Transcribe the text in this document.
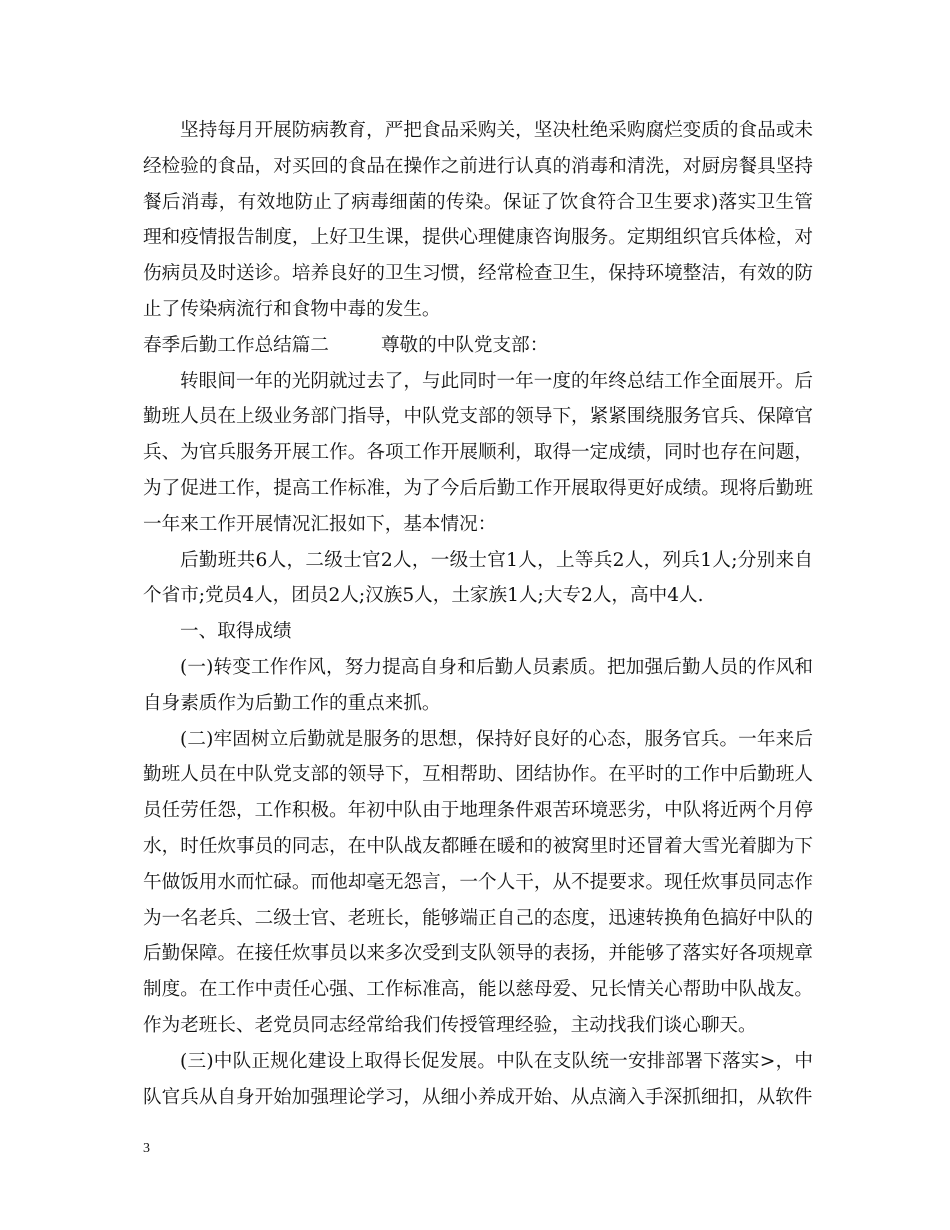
坚持每月开展防病教育，严把食品采购关，坚决杜绝采购腐烂变质的食品或未经检验的食品，对买回的食品在操作之前进行认真的消毒和清洗，对厨房餐具坚持餐后消毒，有效地防止了病毒细菌的传染。保证了饮食符合卫生要求)落实卫生管理和疫情报告制度，上好卫生课，提供心理健康咨询服务。定期组织官兵体检，对伤病员及时送诊。培养良好的卫生习惯，经常检查卫生，保持环境整洁，有效的防止了传染病流行和食物中毒的发生。

春季后勤工作总结篇二	尊敬的中队党支部：

转眼间一年的光阴就过去了，与此同时一年一度的年终总结工作全面展开。后勤班人员在上级业务部门指导，中队党支部的领导下，紧紧围绕服务官兵、保障官兵、为官兵服务开展工作。各项工作开展顺利，取得一定成绩，同时也存在问题，为了促进工作，提高工作标准，为了今后后勤工作开展取得更好成绩。现将后勤班一年来工作开展情况汇报如下，基本情况：

后勤班共6人，二级士官2人，一级士官1人，上等兵2人，列兵1人;分别来自个省市;党员4人，团员2人;汉族5人，土家族1人;大专2人，高中4人.

一、取得成绩

(一)转变工作作风，努力提高自身和后勤人员素质。把加强后勤人员的作风和自身素质作为后勤工作的重点来抓。

(二)牢固树立后勤就是服务的思想，保持好良好的心态，服务官兵。一年来后勤班人员在中队党支部的领导下，互相帮助、团结协作。在平时的工作中后勤班人员任劳任怨，工作积极。年初中队由于地理条件艰苦环境恶劣，中队将近两个月停水，时任炊事员的同志，在中队战友都睡在暖和的被窝里时还冒着大雪光着脚为下午做饭用水而忙碌。而他却毫无怨言，一个人干，从不提要求。现任炊事员同志作为一名老兵、二级士官、老班长，能够端正自己的态度，迅速转换角色搞好中队的后勤保障。在接任炊事员以来多次受到支队领导的表扬，并能够了落实好各项规章制度。在工作中责任心强、工作标准高，能以慈母爱、兄长情关心帮助中队战友。作为老班长、老党员同志经常给我们传授管理经验，主动找我们谈心聊天。

(三)中队正规化建设上取得长促发展。中队在支队统一安排部署下落实>，中队官兵从自身开始加强理论学习，从细小养成开始、从点滴入手深抓细扣，从软件

3
